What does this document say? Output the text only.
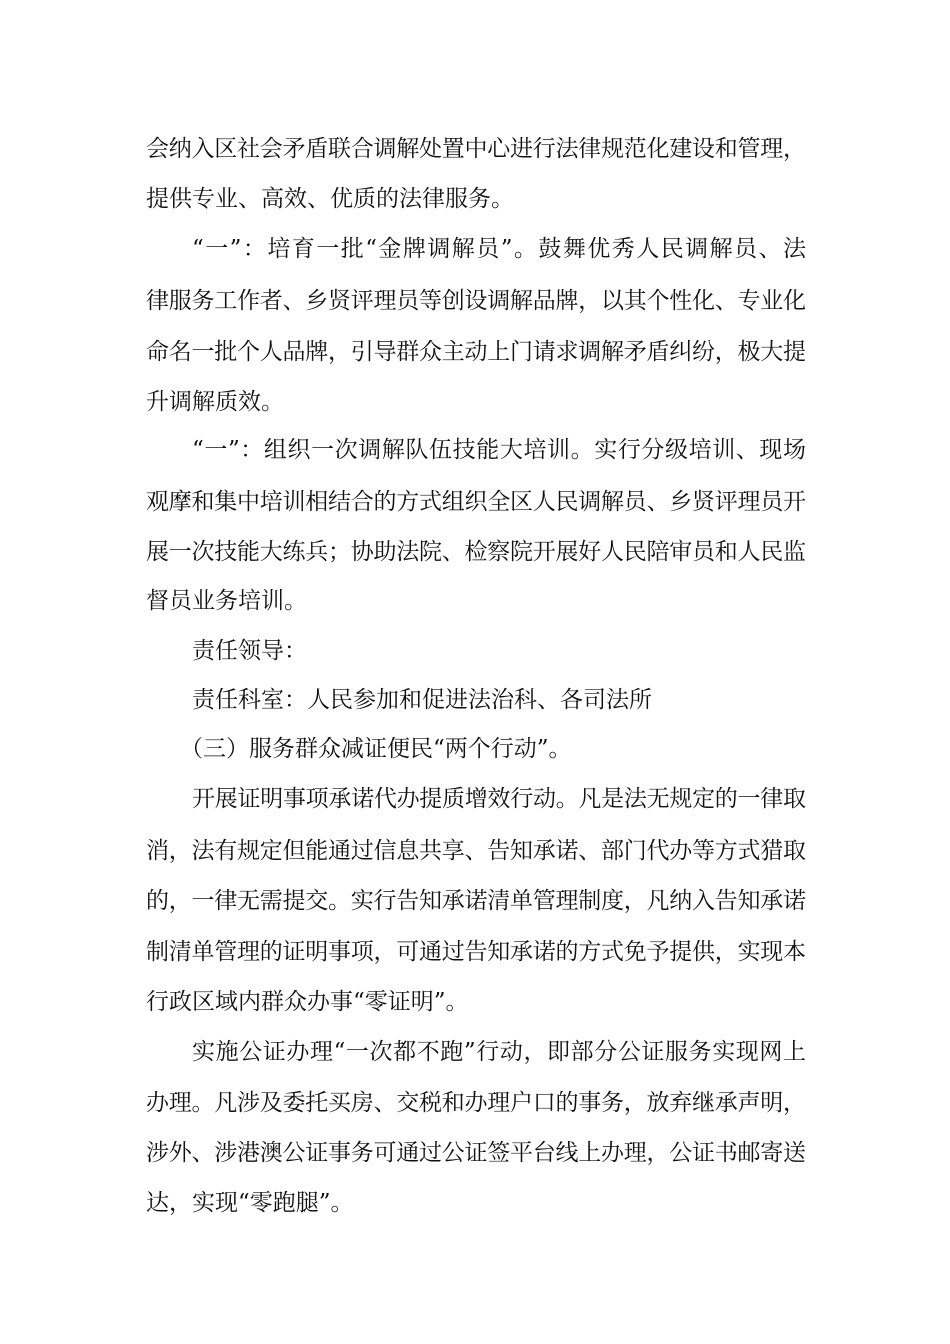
会纳入区社会矛盾联合调解处置中心进行法律规范化建设和管理，
提供专业、高效、优质的法律服务。
“一”：培育一批“金牌调解员”。鼓舞优秀人民调解员、法
律服务工作者、乡贤评理员等创设调解品牌，以其个性化、专业化
命名一批个人品牌，引导群众主动上门请求调解矛盾纠纷，极大提
升调解质效。
“一”：组织一次调解队伍技能大培训。实行分级培训、现场
观摩和集中培训相结合的方式组织全区人民调解员、乡贤评理员开
展一次技能大练兵；协助法院、检察院开展好人民陪审员和人民监
督员业务培训。
责任领导：
责任科室：人民参加和促进法治科、各司法所
（三）服务群众减证便民“两个行动”。
开展证明事项承诺代办提质增效行动。凡是法无规定的一律取
消，法有规定但能通过信息共享、告知承诺、部门代办等方式猎取
的，一律无需提交。实行告知承诺清单管理制度，凡纳入告知承诺
制清单管理的证明事项，可通过告知承诺的方式免予提供，实现本
行政区域内群众办事“零证明”。
实施公证办理“一次都不跑”行动，即部分公证服务实现网上
办理。凡涉及委托买房、交税和办理户口的事务，放弃继承声明，
涉外、涉港澳公证事务可通过公证签平台线上办理，公证书邮寄送
达，实现“零跑腿”。
